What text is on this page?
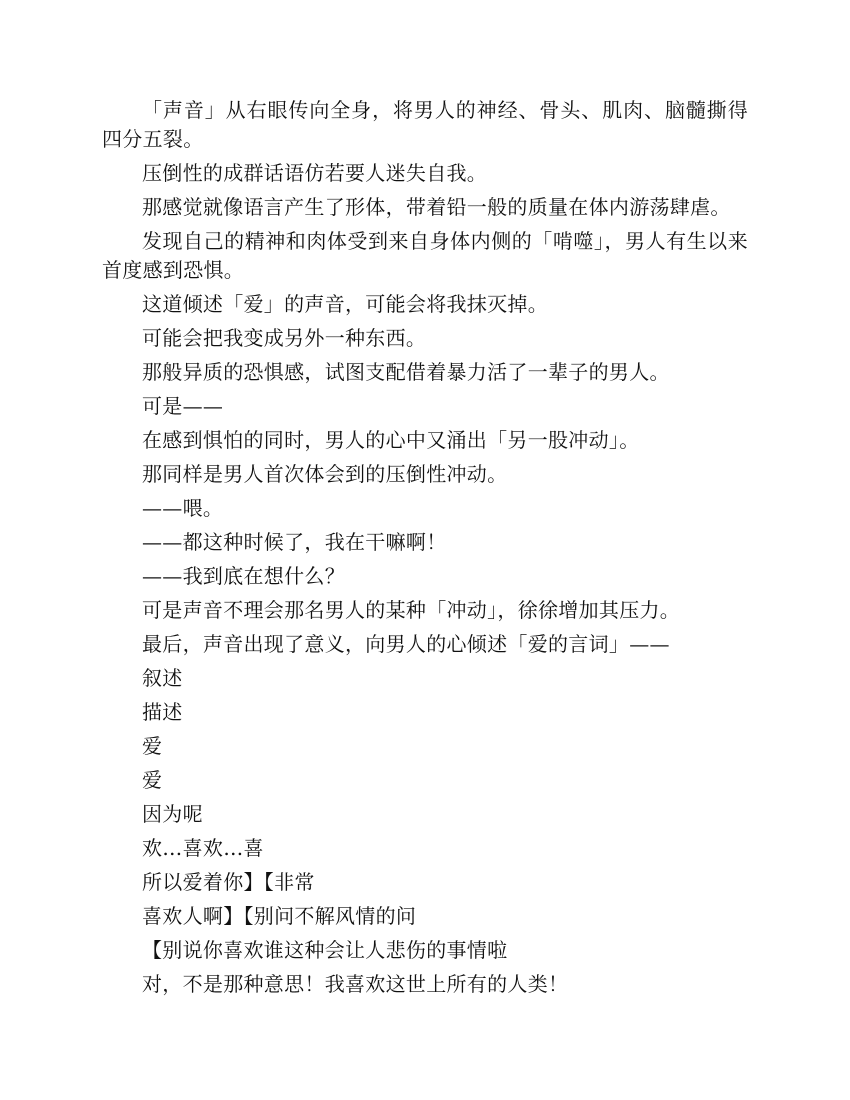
「声音」从右眼传向全身，将男人的神经、骨头、肌肉、脑髓撕得四分五裂。

压倒性的成群话语仿若要人迷失自我。

那感觉就像语言产生了形体，带着铅一般的质量在体内游荡肆虐。

发现自己的精神和肉体受到来自身体内侧的「啃噬」，男人有生以来首度感到恐惧。

这道倾述「爱」的声音，可能会将我抹灭掉。

可能会把我变成另外一种东西。

那般异质的恐惧感，试图支配借着暴力活了一辈子的男人。

可是——

在感到惧怕的同时，男人的心中又涌出「另一股冲动」。

那同样是男人首次体会到的压倒性冲动。

——喂。

——都这种时候了，我在干嘛啊！

——我到底在想什么？

可是声音不理会那名男人的某种「冲动」，徐徐增加其压力。

最后，声音出现了意义，向男人的心倾述「爱的言词」——

叙述

描述

爱

爱

因为呢

欢…喜欢…喜

所以爱着你】【非常

喜欢人啊】【别问不解风情的问

【别说你喜欢谁这种会让人悲伤的事情啦

对，不是那种意思！我喜欢这世上所有的人类！
